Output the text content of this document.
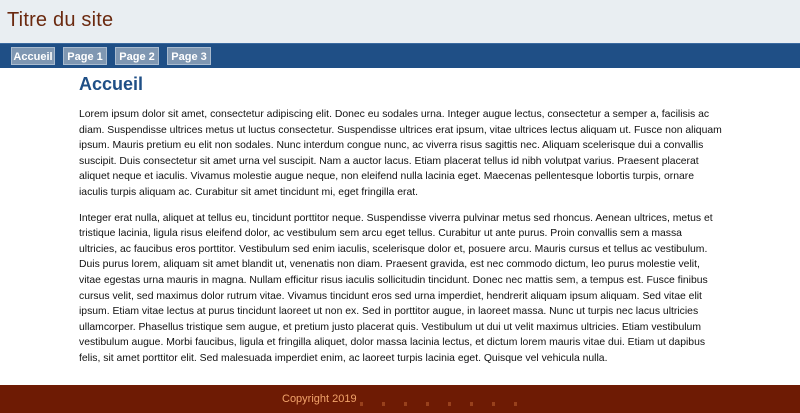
Titre du site
Accueil	Page 1	Page 2	Page 3
Accueil

Lorem ipsum dolor sit amet, consectetur adipiscing elit. Donec eu sodales urna. Integer augue lectus, consectetur a semper a, facilisis ac diam. Suspendisse ultrices metus ut luctus consectetur. Suspendisse ultrices erat ipsum, vitae ultrices lectus aliquam ut. Fusce non aliquam ipsum. Mauris pretium eu elit non sodales. Nunc interdum congue nunc, ac viverra risus sagittis nec. Aliquam scelerisque dui a convallis suscipit. Duis consectetur sit amet urna vel suscipit. Nam a auctor lacus. Etiam placerat tellus id nibh volutpat varius. Praesent placerat aliquet neque et iaculis. Vivamus molestie augue neque, non eleifend nulla lacinia eget. Maecenas pellentesque lobortis turpis, ornare iaculis turpis aliquam ac. Curabitur sit amet tincidunt mi, eget fringilla erat.

Integer erat nulla, aliquet at tellus eu, tincidunt porttitor neque. Suspendisse viverra pulvinar metus sed rhoncus. Aenean ultrices, metus et tristique lacinia, ligula risus eleifend dolor, ac vestibulum sem arcu eget tellus. Curabitur ut ante purus. Proin convallis sem a massa ultricies, ac faucibus eros porttitor. Vestibulum sed enim iaculis, scelerisque dolor et, posuere arcu. Mauris cursus et tellus ac vestibulum. Duis purus lorem, aliquam sit amet blandit ut, venenatis non diam. Praesent gravida, est nec commodo dictum, leo purus molestie velit, vitae egestas urna mauris in magna. Nullam efficitur risus iaculis sollicitudin tincidunt. Donec nec mattis sem, a tempus est. Fusce finibus cursus velit, sed maximus dolor rutrum vitae. Vivamus tincidunt eros sed urna imperdiet, hendrerit aliquam ipsum aliquam. Sed vitae elit ipsum. Etiam vitae lectus at purus tincidunt laoreet ut non ex. Sed in porttitor augue, in laoreet massa. Nunc ut turpis nec lacus ultricies ullamcorper. Phasellus tristique sem augue, et pretium justo placerat quis. Vestibulum ut dui ut velit maximus ultricies. Etiam vestibulum vestibulum augue. Morbi faucibus, ligula et fringilla aliquet, dolor massa lacinia lectus, et dictum lorem mauris vitae dui. Etiam ut dapibus felis, sit amet porttitor elit. Sed malesuada imperdiet enim, ac laoreet turpis lacinia eget. Quisque vel vehicula nulla.

Copyright 2019
